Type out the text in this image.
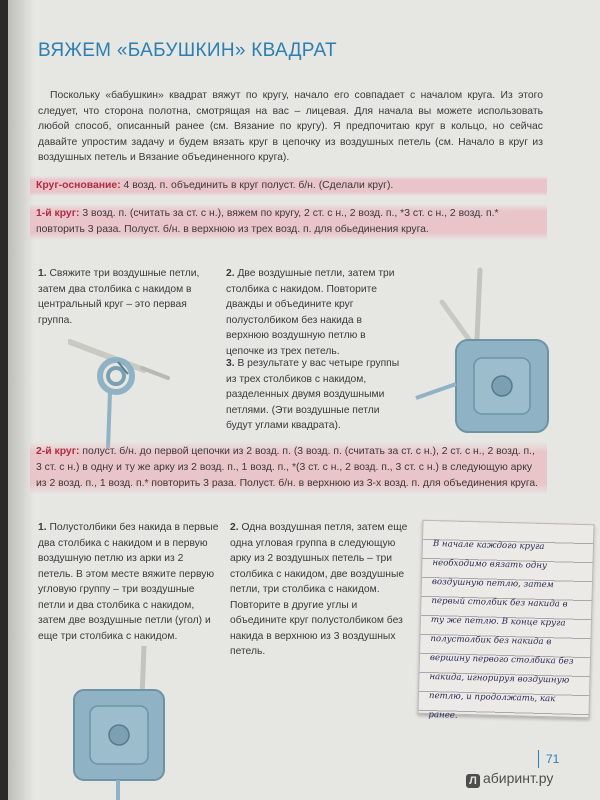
ВЯЖЕМ «БАБУШКИН» КВАДРАТ
Поскольку «бабушкин» квадрат вяжут по кругу, начало его совпадает с началом круга. Из этого следует, что сторона полотна, смотрящая на вас – лицевая. Для начала вы можете использовать любой способ, описанный ранее (см. Вязание по кругу). Я предпочитаю круг в кольцо, но сейчас давайте упростим задачу и будем вязать круг в цепочку из воздушных петель (см. Начало в круг из воздушных петель и Вязание объединенного круга).
Круг-основание: 4 возд. п. объединить в круг полуст. б/н. (Сделали круг).
1-й круг: 3 возд. п. (считать за ст. с н.), вяжем по кругу, 2 ст. с н., 2 возд. п., *3 ст. с н., 2 возд. п.* повторить 3 раза. Полуст. б/н. в верхнюю из трех возд. п. для обьединения круга.
1. Свяжите три воздушные петли, затем два столбика с накидом в центральный круг – это первая группа.
2. Две воздушные петли, затем три столбика с накидом. Повторите дважды и объедините круг полустолбиком без накида в верхнюю воздушную петлю в цепочке из трех петель.
3. В результате у вас четыре группы из трех столбиков с накидом, разделенных двумя воздушными петлями. (Эти воздушные петли будут углами квадрата).
2-й круг: полуст. б/н. до первой цепочки из 2 возд. п. (3 возд. п. (считать за ст. с н.), 2 ст. с н., 2 возд. п., 3 ст. с н.) в одну и ту же арку из 2 возд. п., 1 возд. п., *(3 ст. с н., 2 возд. п., 3 ст. с н.) в следующую арку из 2 возд. п., 1 возд. п.* повторить 3 раза. Полуст. б/н. в верхнюю из 3-х возд. п. для объединения круга.
1. Полустолбики без накида в первые два столбика с накидом и в первую воздушную петлю из арки из 2 петель. В этом месте вяжите первую угловую группу – три воздушные петли и два столбика с накидом, затем две воздушные петли (угол) и еще три столбика с накидом.
2. Одна воздушная петля, затем еще одна угловая группа в следующую арку из 2 воздушных петель – три столбика с накидом, две воздушные петли, три столбика с накидом. Повторите в другие углы и объедините круг полустолбиком без накида в верхнюю из 3 воздушных петель.
В начале каждого круга необходимо вязать одну воздушную петлю, затем первый столбик без накида в ту же петлю. В конце круга полустолбик без накида в вершину первого столбика без накида, игнорируя воздушную петлю, и продолжать, как ранее.
71
Л абиринт.ру
